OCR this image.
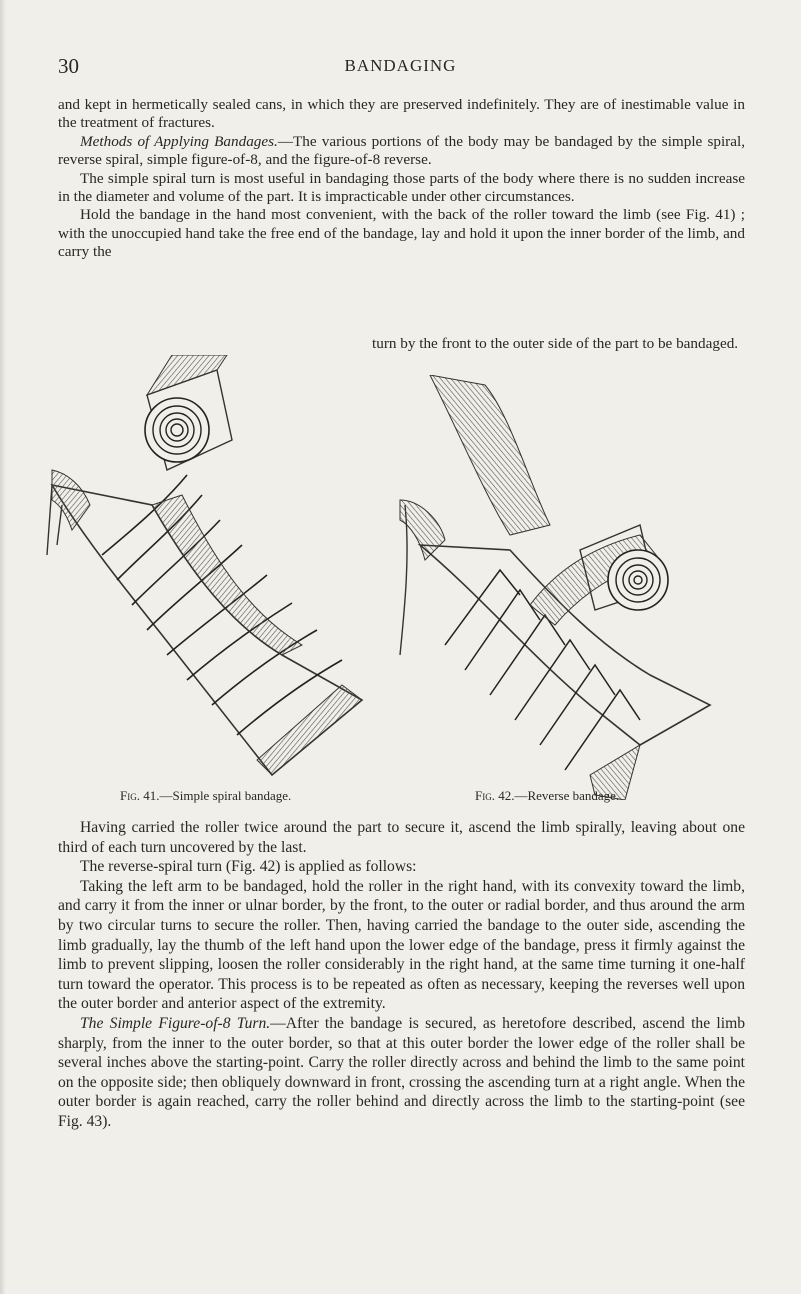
30	BANDAGING

and kept in hermetically sealed cans, in which they are preserved indefinitely. They are of inestimable value in the treatment of fractures.

Methods of Applying Bandages.—The various portions of the body may be bandaged by the simple spiral, reverse spiral, simple figure-of-8, and the figure-of-8 reverse.

The simple spiral turn is most useful in bandaging those parts of the body where there is no sudden increase in the diameter and volume of the part. It is impracticable under other circumstances.

Hold the bandage in the hand most convenient, with the back of the roller toward the limb (see Fig. 41) ; with the unoccupied hand take the free end of the bandage, lay and hold it upon the inner border of the limb, and carry the

turn by the front to the outer side of the part to be bandaged.

Fig. 41.—Simple spiral bandage.	Fig. 42.—Reverse bandage.

Having carried the roller twice around the part to secure it, ascend the limb spirally, leaving about one third of each turn uncovered by the last.

The reverse-spiral turn (Fig. 42) is applied as follows:

Taking the left arm to be bandaged, hold the roller in the right hand, with its convexity toward the limb, and carry it from the inner or ulnar border, by the front, to the outer or radial border, and thus around the arm by two circular turns to secure the roller. Then, having carried the bandage to the outer side, ascending the limb gradually, lay the thumb of the left hand upon the lower edge of the bandage, press it firmly against the limb to prevent slipping, loosen the roller considerably in the right hand, at the same time turning it one-half turn toward the operator. This process is to be repeated as often as necessary, keeping the reverses well upon the outer border and anterior aspect of the extremity.

The Simple Figure-of-8 Turn.—After the bandage is secured, as heretofore described, ascend the limb sharply, from the inner to the outer border, so that at this outer border the lower edge of the roller shall be several inches above the starting-point. Carry the roller directly across and behind the limb to the same point on the opposite side; then obliquely downward in front, crossing the ascending turn at a right angle. When the outer border is again reached, carry the roller behind and directly across the limb to the starting-point (see Fig. 43).
